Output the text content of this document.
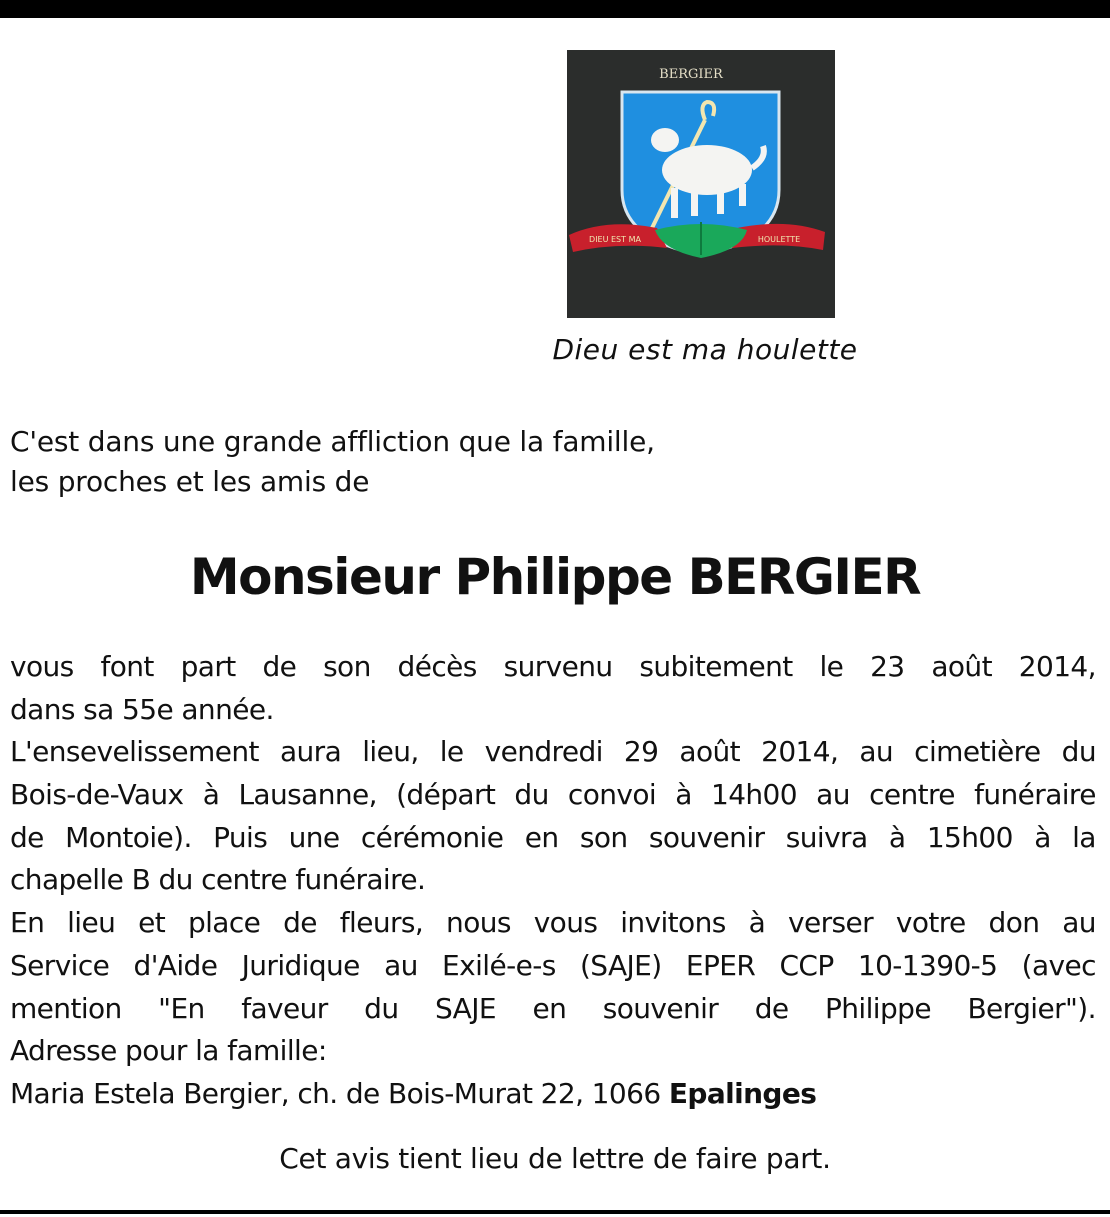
BERGIER
DIEU EST MA	HOULETTE
Dieu est ma houlette
C'est dans une grande affliction que la famille,
les proches et les amis de
Monsieur Philippe BERGIER
vous font part de son décès survenu subitement le 23 août 2014,
dans sa 55e année.
L'ensevelissement aura lieu, le vendredi 29 août 2014, au cimetière du
Bois-de-Vaux à Lausanne, (départ du convoi à 14h00 au centre funéraire
de Montoie). Puis une cérémonie en son souvenir suivra à 15h00 à la
chapelle B du centre funéraire.
En lieu et place de fleurs, nous vous invitons à verser votre don au
Service d'Aide Juridique au Exilé-e-s (SAJE) EPER CCP 10-1390-5 (avec
mention "En faveur du SAJE en souvenir de Philippe Bergier").
Adresse pour la famille:
Maria Estela Bergier, ch. de Bois-Murat 22, 1066
Epalinges
Cet avis tient lieu de lettre de faire part.
